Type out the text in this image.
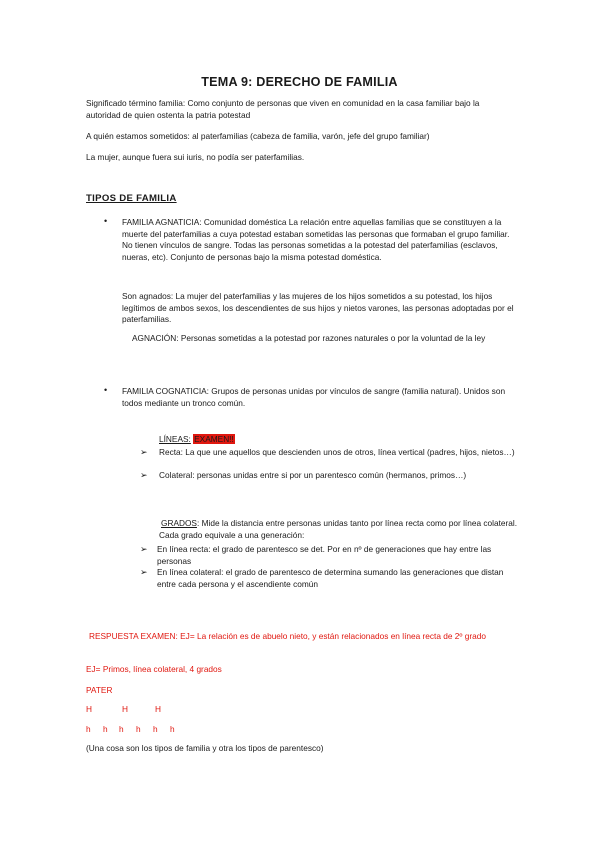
TEMA 9: DERECHO DE FAMILIA
Significado término familia: Como conjunto de personas que viven en comunidad en la casa familiar bajo la autoridad de quien ostenta la patria potestad
A quién estamos sometidos: al paterfamilias (cabeza de familia, varón, jefe del grupo familiar)
La mujer, aunque fuera sui iuris, no podía ser paterfamilias.
TIPOS DE FAMILIA
• FAMILIA AGNATICIA: Comunidad doméstica La relación entre aquellas familias que se constituyen a la muerte del paterfamilias a cuya potestad estaban sometidas las personas que formaban el grupo familiar. No tienen vínculos de sangre. Todas las personas sometidas a la potestad del paterfamilias (esclavos, nueras, etc). Conjunto de personas bajo la misma potestad doméstica.
Son agnados: La mujer del paterfamilias y las mujeres de los hijos sometidos a su potestad, los hijos legítimos de ambos sexos, los descendientes de sus hijos y nietos varones, las personas adoptadas por el paterfamilias.
AGNACIÓN: Personas sometidas a la potestad por razones naturales o por la voluntad de la ley
• FAMILIA COGNATICIA: Grupos de personas unidas por vínculos de sangre (familia natural). Unidos son todos mediante un tronco común.
LÍNEAS: EXAMEN!!
➢ Recta: La que une aquellos que descienden unos de otros, línea vertical (padres, hijos, nietos…)
➢ Colateral: personas unidas entre si por un parentesco común (hermanos, primos…)
GRADOS: Mide la distancia entre personas unidas tanto por línea recta como por línea colateral. Cada grado equivale a una generación:
➢ En línea recta: el grado de parentesco se det. Por en nº de generaciones que hay entre las personas
➢ En línea colateral: el grado de parentesco de determina sumando las generaciones que distan entre cada persona y el ascendiente común
RESPUESTA EXAMEN: EJ= La relación es de abuelo nieto, y están relacionados en línea recta de 2º grado
EJ= Primos, línea colateral, 4 grados
PATER
H	H	H
h h h h h h
(Una cosa son los tipos de familia y otra los tipos de parentesco)
